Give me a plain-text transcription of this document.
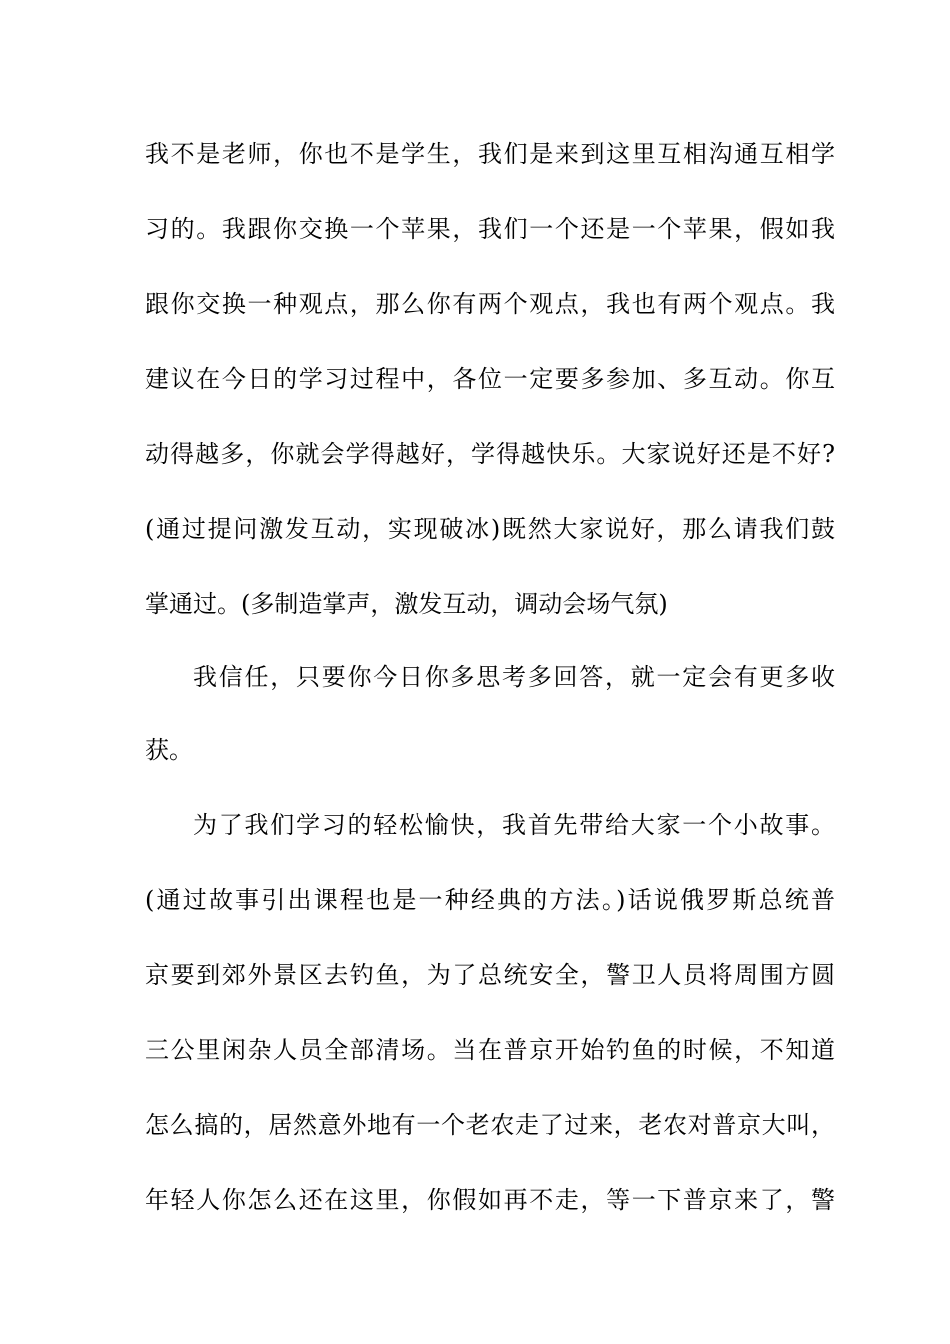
我不是老师，你也不是学生，我们是来到这里互相沟通互相学
习的。我跟你交换一个苹果，我们一个还是一个苹果，假如我
跟你交换一种观点，那么你有两个观点，我也有两个观点。我
建议在今日的学习过程中，各位一定要多参加、多互动。你互
动得越多，你就会学得越好，学得越快乐。大家说好还是不好?
(通过提问激发互动，实现破冰)既然大家说好，那么请我们鼓
掌通过。(多制造掌声，激发互动，调动会场气氛)
我信任，只要你今日你多思考多回答，就一定会有更多收
获。
为了我们学习的轻松愉快，我首先带给大家一个小故事。
(通过故事引出课程也是一种经典的方法。)话说俄罗斯总统普
京要到郊外景区去钓鱼，为了总统安全，警卫人员将周围方圆
三公里闲杂人员全部清场。当在普京开始钓鱼的时候，不知道
怎么搞的，居然意外地有一个老农走了过来，老农对普京大叫，
年轻人你怎么还在这里，你假如再不走，等一下普京来了，警
